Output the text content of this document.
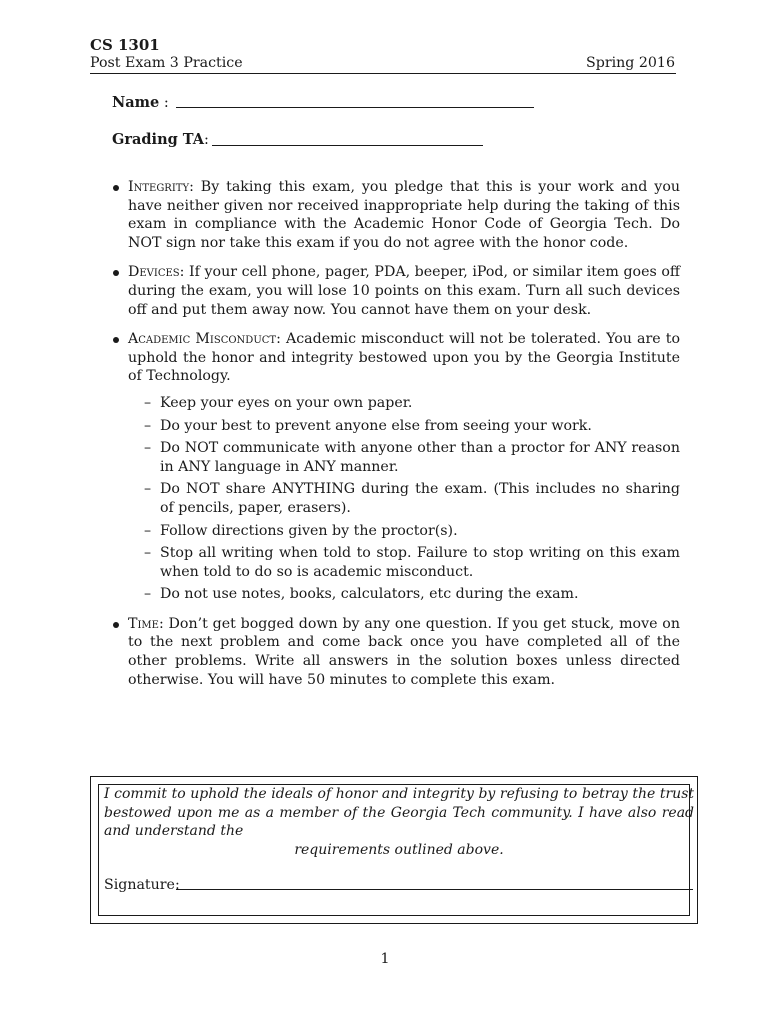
CS 1301
Post Exam 3 Practice	Spring 2016
Name :
Grading TA:
Integrity: By taking this exam, you pledge that this is your work and you have neither given nor received inappropriate help during the taking of this exam in compliance with the Academic Honor Code of Georgia Tech. Do NOT sign nor take this exam if you do not agree with the honor code.
Devices: If your cell phone, pager, PDA, beeper, iPod, or similar item goes off during the exam, you will lose 10 points on this exam. Turn all such devices off and put them away now. You cannot have them on your desk.
Academic Misconduct: Academic misconduct will not be tolerated. You are to uphold the honor and integrity bestowed upon you by the Georgia Institute of Technology.
– Keep your eyes on your own paper.
– Do your best to prevent anyone else from seeing your work.
– Do NOT communicate with anyone other than a proctor for ANY reason in ANY language in ANY manner.
– Do NOT share ANYTHING during the exam. (This includes no sharing of pencils, paper, erasers).
– Follow directions given by the proctor(s).
– Stop all writing when told to stop. Failure to stop writing on this exam when told to do so is academic misconduct.
– Do not use notes, books, calculators, etc during the exam.
Time: Don’t get bogged down by any one question. If you get stuck, move on to the next problem and come back once you have completed all of the other problems. Write all answers in the solution boxes unless directed otherwise. You will have 50 minutes to complete this exam.
I commit to uphold the ideals of honor and integrity by refusing to betray the trust bestowed upon me as a member of the Georgia Tech community. I have also read and understand the
requirements outlined above.
Signature:
1
